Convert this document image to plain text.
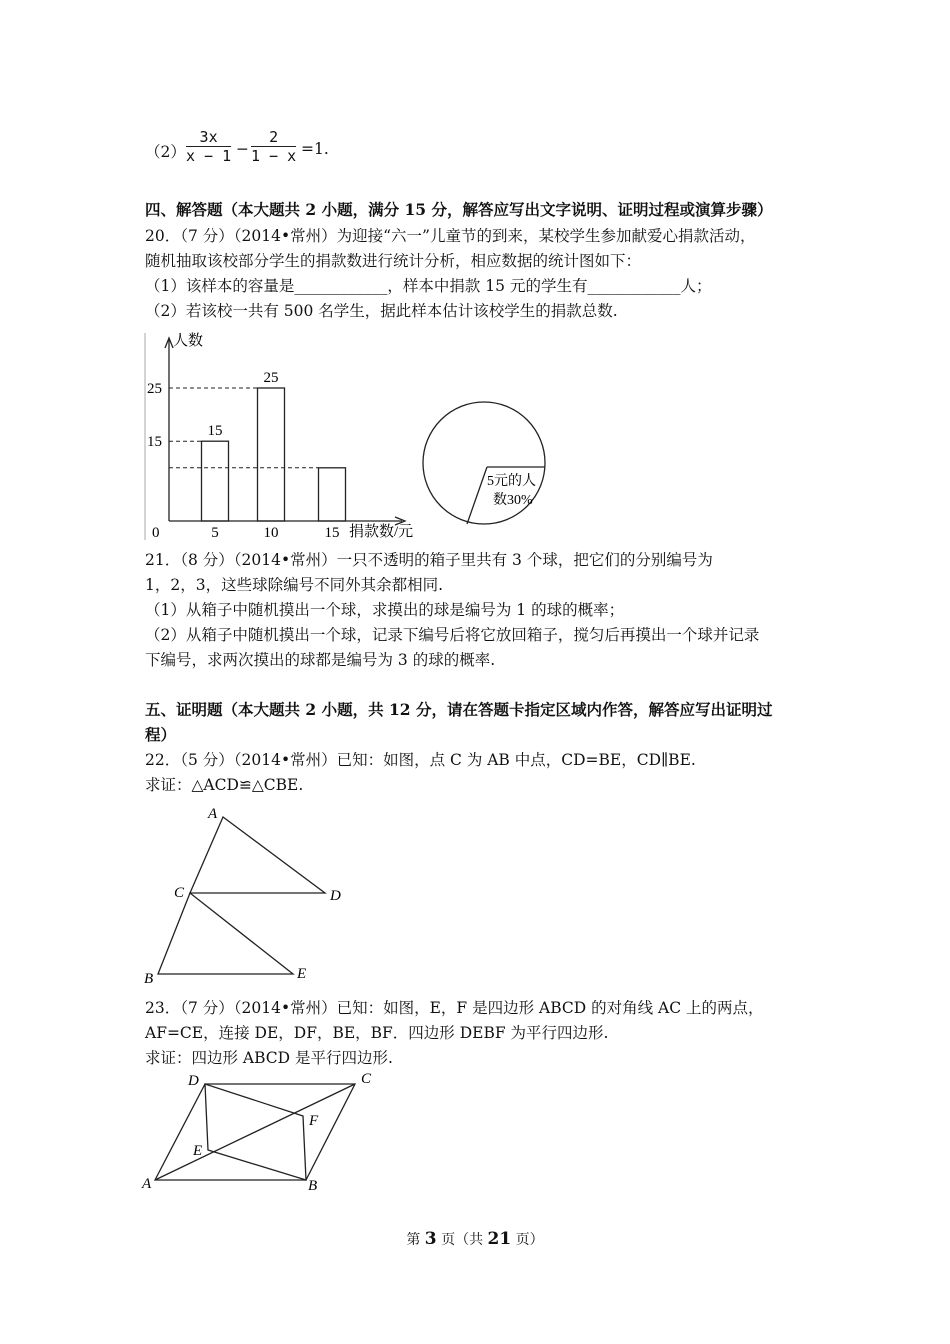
$(2) \frac{3x}{x - 1} - \frac{2}{1 - x} =1$.
四、解答题（本大题共 2 小题，满分 15 分，解答应写出文字说明、证明过程或演算步骤）
20．（7 分）（2014•常州）为迎接“六一”儿童节的到来，某校学生参加献爱心捐款活动，
随机抽取该校部分学生的捐款数进行统计分析，相应数据的统计图如下：
（1）该样本的容量是____________，样本中捐款 15 元的学生有____________人；
（2）若该校一共有 500 名学生，据此样本估计该校学生的捐款总数.
人数
捐款数/元
0
15
25
15
5
25
10	15
5元的人
数30%
21．（8 分）（2014•常州）一只不透明的箱子里共有 3 个球，把它们的分别编号为
1，2，3，这些球除编号不同外其余都相同.
（1）从箱子中随机摸出一个球，求摸出的球是编号为 1 的球的概率；
（2）从箱子中随机摸出一个球，记录下编号后将它放回箱子，搅匀后再摸出一个球并记录
下编号，求两次摸出的球都是编号为 3 的球的概率.
五、证明题（本大题共 2 小题，共 12 分，请在答题卡指定区域内作答，解答应写出证明过
程）
22．（5 分）（2014•常州）已知：如图，点 C 为 AB 中点，CD=BE，CD∥BE.
求证：△ACD≌△CBE.
A
C	D
B	E
23．（7 分）（2014•常州）已知：如图，E，F 是四边形 ABCD 的对角线 AC 上的两点，
AF=CE，连接 DE，DF，BE，BF．四边形 DEBF 为平行四边形.
求证：四边形 ABCD 是平行四边形.
D	C
F
E
A	B
第 3 页（共 21 页）
